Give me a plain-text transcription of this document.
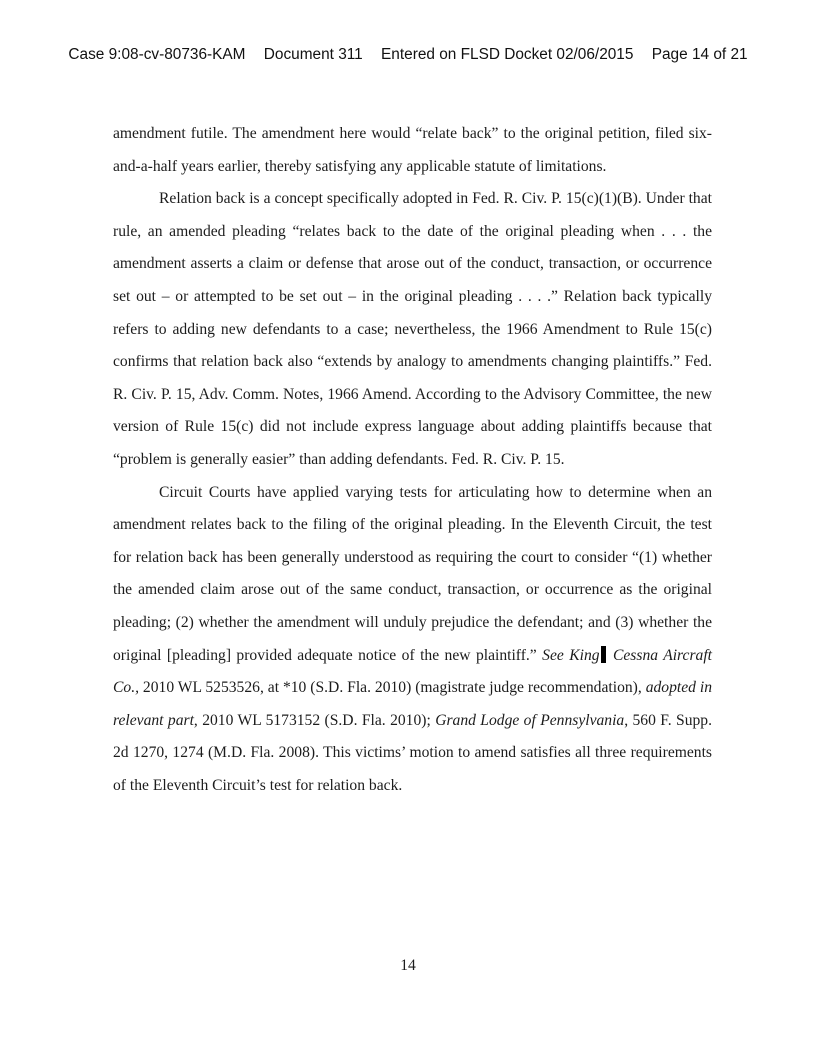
Case 9:08-cv-80736-KAM Document 311 Entered on FLSD Docket 02/06/2015 Page 14 of 21

amendment futile. The amendment here would “relate back” to the original petition, filed six-and-a-half years earlier, thereby satisfying any applicable statute of limitations.

Relation back is a concept specifically adopted in Fed. R. Civ. P. 15(c)(1)(B). Under that rule, an amended pleading “relates back to the date of the original pleading when . . . the amendment asserts a claim or defense that arose out of the conduct, transaction, or occurrence set out – or attempted to be set out – in the original pleading . . . .” Relation back typically refers to adding new defendants to a case; nevertheless, the 1966 Amendment to Rule 15(c) confirms that relation back also “extends by analogy to amendments changing plaintiffs.” Fed. R. Civ. P. 15, Adv. Comm. Notes, 1966 Amend. According to the Advisory Committee, the new version of Rule 15(c) did not include express language about adding plaintiffs because that “problem is generally easier” than adding defendants. Fed. R. Civ. P. 15.

Circuit Courts have applied varying tests for articulating how to determine when an amendment relates back to the filing of the original pleading. In the Eleventh Circuit, the test for relation back has been generally understood as requiring the court to consider “(1) whether the amended claim arose out of the same conduct, transaction, or occurrence as the original pleading; (2) whether the amendment will unduly prejudice the defendant; and (3) whether the original [pleading] provided adequate notice of the new plaintiff.” See King Cessna Aircraft Co., 2010 WL 5253526, at *10 (S.D. Fla. 2010) (magistrate judge recommendation), adopted in relevant part, 2010 WL 5173152 (S.D. Fla. 2010); Grand Lodge of Pennsylvania, 560 F. Supp. 2d 1270, 1274 (M.D. Fla. 2008). This victims’ motion to amend satisfies all three requirements of the Eleventh Circuit’s test for relation back.

14
